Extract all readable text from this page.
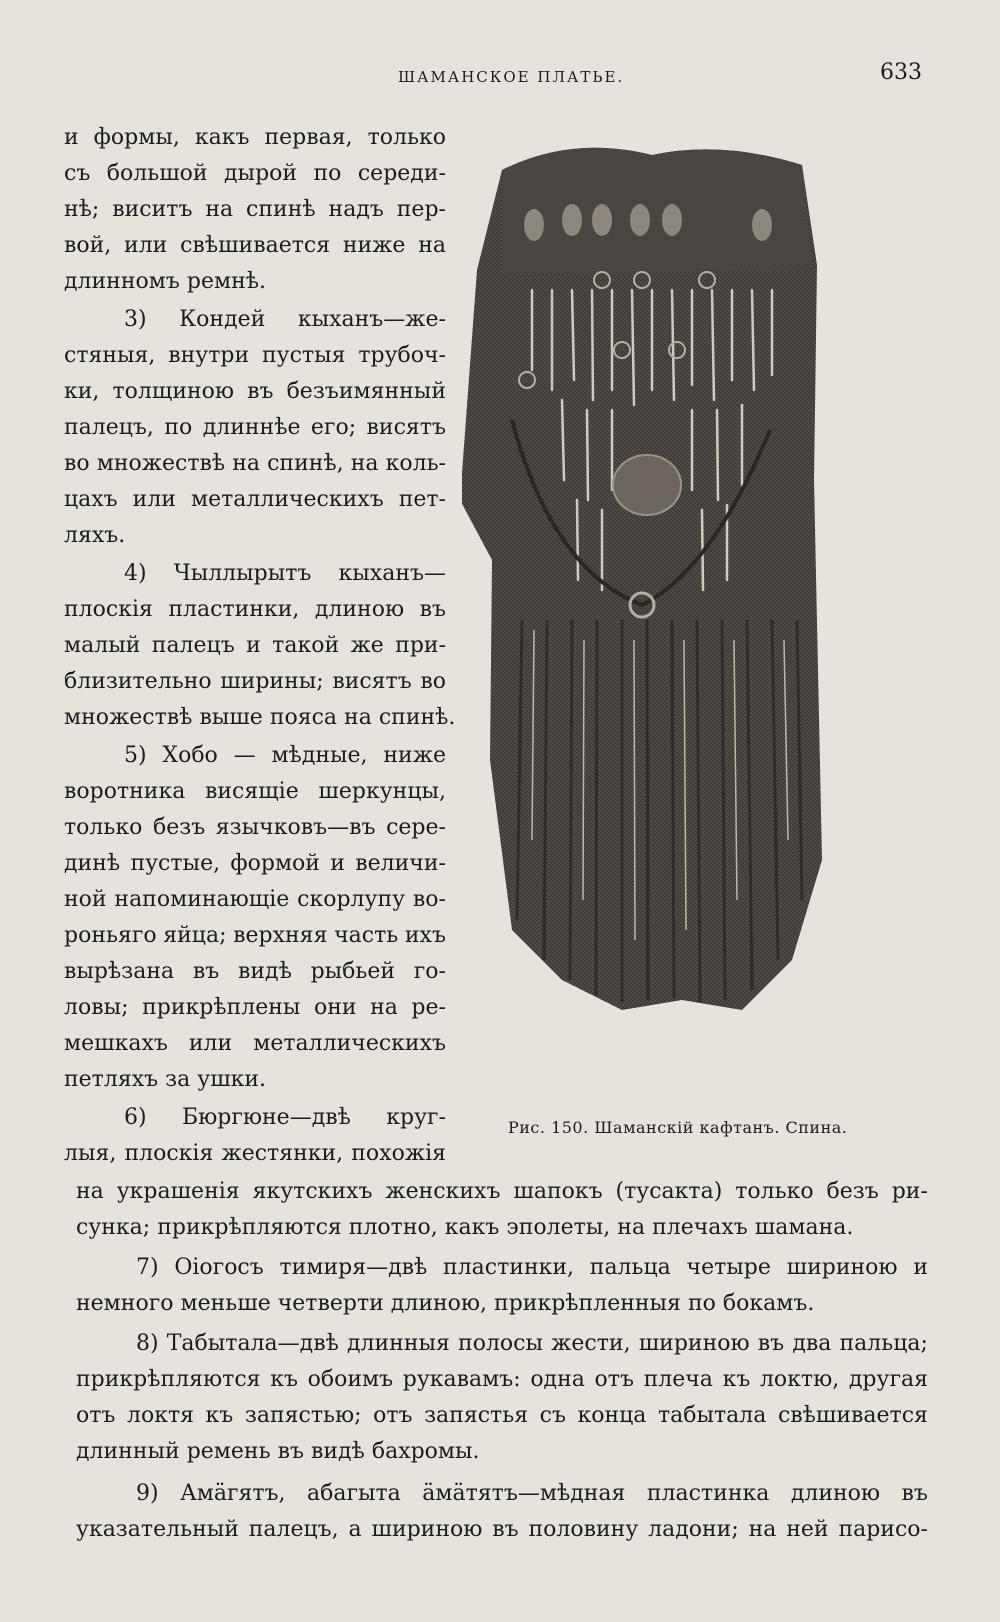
ШАМАНСКОЕ ПЛАТЬЕ.	633
и формы, какъ первая, только
съ большой дырой по середи-
нѣ; виситъ на спинѣ надъ пер-
вой, или свѣшивается ниже на
длинномъ
ремнѣ.

3) Кондей кыханъ—же-
стяныя, внутри пустыя трубоч-
ки, толщиною въ безъимянный
палецъ, по длиннѣе его; висятъ
во множествѣ на спинѣ, на коль-
цахъ или металлическихъ пет-
ляхъ.

4) Чыллырытъ кыханъ—
плоскія пластинки, длиною въ
малый палецъ и такой же при-
близительно ширины; висятъ во
множествѣ
выше
пояса
на
спинѣ.

5) Хобо — мѣдные, ниже
воротника висящіе шеркунцы,
только безъ язычковъ—въ сере-
динѣ пустые, формой и величи-
ной напоминающіе скорлупу во-
роньяго яйца; верхняя часть ихъ
вырѣзана въ видѣ рыбьей го-
ловы; прикрѣплены они на ре-
мешкахъ или металлическихъ
петляхъ
за
ушки.

6) Бюргюне—двѣ круг-
лыя, плоскія жестянки, похожія
на украшенія якутскихъ женскихъ шапокъ (тусакта) только безъ ри-
сунка;
прикрѣпляются
плотно,
какъ
эполеты,
на
плечахъ
шамана.

7) Оіогосъ тимиря—двѣ пластинки, пальца четыре шириною и
немного
меньше
четверти
длиною,
прикрѣпленныя
по
бокамъ.

8) Табытала—двѣ длинныя полосы жести, шириною въ два пальца;
прикрѣпляются къ обоимъ рукавамъ: одна отъ плеча къ локтю, другая
отъ локтя къ запястью; отъ запястья съ конца табытала свѣшивается
длинный
ремень
въ
видѣ
бахромы.

9) Амäгятъ, абагыта äмäтятъ—мѣдная пластинка длиною въ
указательный палецъ, а шириною въ половину ладони; на ней парисо-
Рис. 150. Шаманскій кафтанъ. Спина.
